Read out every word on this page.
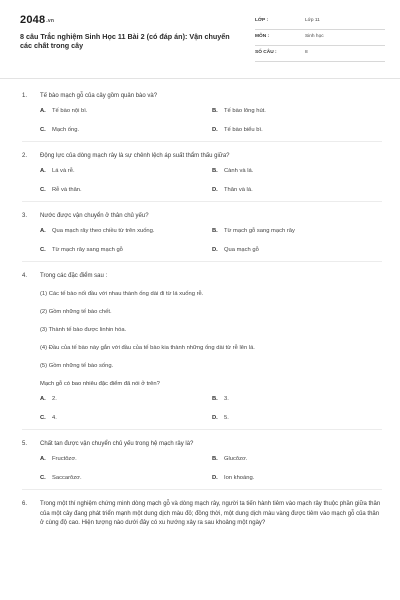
2048.vn
8 câu Trắc nghiệm Sinh Học 11 Bài 2 (có đáp án): Vận chuyển các chất trong cây
LỚP :	Lớp 11
MÔN :	Sinh học
SỐ CÂU :	8
1.	Tế bào mạch gỗ của cây gồm quản bào và?
A.	Tế bào nội bì.	B.	Tế bào lông hút.
C.	Mạch ống.	D.	Tế bào biểu bì.
2.	Động lực của dòng mạch rây là sự chênh lệch áp suất thẩm thấu giữa?
A.	Lá và rễ.	B.	Cành và lá.
C.	Rễ và thân.	D.	Thân và lá.
3.	Nước được vận chuyển ở thân chủ yếu?
A.	Qua mạch rây theo chiều từ trên xuống.	B.	Từ mạch gỗ sang mạch rây
C.	Từ mạch rây sang mạch gỗ	D.	Qua mạch gỗ
4.	Trong các đặc điểm sau :
(1) Các tế bào nối đầu với nhau thành ống dài đi từ lá xuống rễ.
(2) Gồm những tế bào chết.
(3) Thành tế bào được linhin hóa.
(4) Đầu của tế bào này gắn với đầu của tế bào kia thành những ống dài từ rễ lên lá.
(5) Gồm những tế bào sống.
Mạch gỗ có bao nhiêu đặc điểm đã nói ở trên?
A.	2.	B.	3.
C.	4.	D.	5.
5.	Chất tan được vận chuyển chủ yếu trong hệ mạch rây là?
A.	Fructôzơ.	B.	Glucôzơ.
C.	Saccarôzơ.	D.	Ion khoáng.
6.	Trong một thí nghiệm chứng minh dòng mạch gỗ và dòng mạch rây, người ta tiến hành tiêm vào mạch rây thuộc phần giữa thân của một cây đang phát triển mạnh một dung dịch màu đỏ; đồng thời, một dung dịch màu vàng được tiêm vào mạch gỗ của thân ở cùng độ cao. Hiện tượng nào dưới đây có xu hướng xảy ra sau khoảng một ngày?
